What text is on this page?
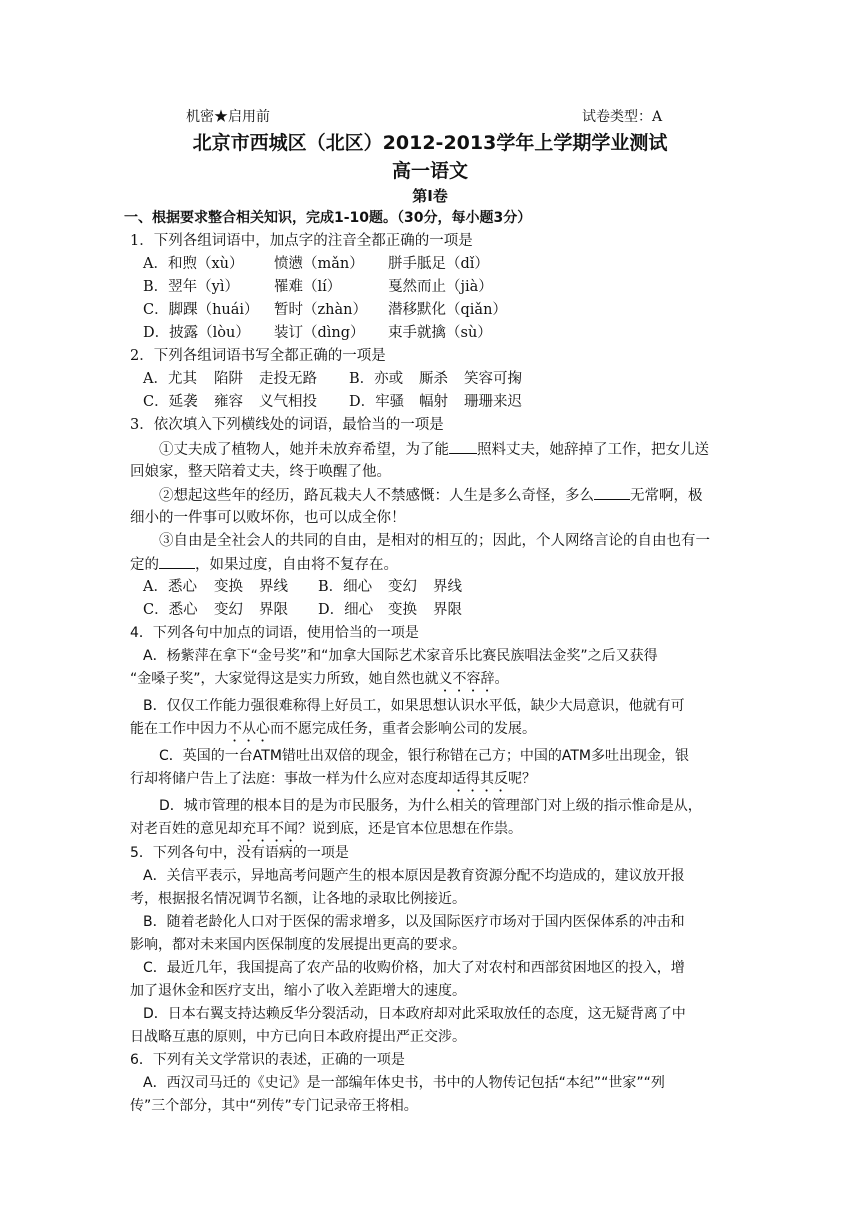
机密★启用前	试卷类型：A
北京市西城区（北区）2012-2013学年上学期学业测试
高一语文
第Ⅰ卷
一、根据要求整合相关知识，完成1-10题。（30分，每小题3分）
1．下列各组词语中，加点字的注音全都正确的一项是
A．和煦（xù） 愤懑（mǎn） 胼手胝足（dǐ）
B．翌年（yì） 罹难（lí）	戛然而止（jià）
C．脚踝（huái） 暂时（zhàn） 潜移默化（qiǎn）
D．披露（lòu） 装订（dìng） 束手就擒（sù）
2．下列各组词语书写全都正确的一项是
A．尤其 陷阱 走投无路 B．亦或 厮杀 笑容可掬
C．延袭 雍容 义气相投 D．牢骚 幅射 珊珊来迟
3．依次填入下列横线处的词语，最恰当的一项是
①丈夫成了植物人，她并未放弃希望，为了能 照料丈夫，她辞掉了工作，把女儿送
回娘家，整天陪着丈夫，终于唤醒了他。
②想起这些年的经历，路瓦栽夫人不禁感慨：人生是多么奇怪，多么 无常啊，极
细小的一件事可以败坏你，也可以成全你！
③自由是全社会人的共同的自由，是相对的相互的；因此，个人网络言论的自由也有一
定的 ，如果过度，自由将不复存在。
A．悉心 变换 界线 B．细心 变幻 界线
C．悉心 变幻 界限 D．细心 变换 界限
4．下列各句中加点的词语，使用恰当的一项是
A．杨紫萍在拿下“金号奖”和“加拿大国际艺术家音乐比赛民族唱法金奖”之后又获得
“金嗓子奖”，大家觉得这是实力所致，她自然也就义不容辞。
B．仅仅工作能力强很难称得上好员工，如果思想认识水平低，缺少大局意识，他就有可
能在工作中因力不从心而不愿完成任务，重者会影响公司的发展。
C．英国的一台ATM错吐出双倍的现金，银行称错在己方；中国的ATM多吐出现金，银
行却将储户告上了法庭：事故一样为什么应对态度却适得其反呢？
D．城市管理的根本目的是为市民服务，为什么相关的管理部门对上级的指示惟命是从，
对老百姓的意见却充耳不闻？说到底，还是官本位思想在作祟。
5．下列各句中，没有语病的一项是
A．关信平表示，异地高考问题产生的根本原因是教育资源分配不均造成的，建议放开报
考，根据报名情况调节名额，让各地的录取比例接近。
B．随着老龄化人口对于医保的需求增多，以及国际医疗市场对于国内医保体系的冲击和
影响，都对未来国内医保制度的发展提出更高的要求。
C．最近几年，我国提高了农产品的收购价格，加大了对农村和西部贫困地区的投入，增
加了退休金和医疗支出，缩小了收入差距增大的速度。
D．日本右翼支持达赖反华分裂活动，日本政府却对此采取放任的态度，这无疑背离了中
日战略互惠的原则，中方已向日本政府提出严正交涉。
6．下列有关文学常识的表述，正确的一项是
A．西汉司马迁的《史记》是一部编年体史书，书中的人物传记包括“本纪”“世家”“列
传”三个部分，其中“列传”专门记录帝王将相。
